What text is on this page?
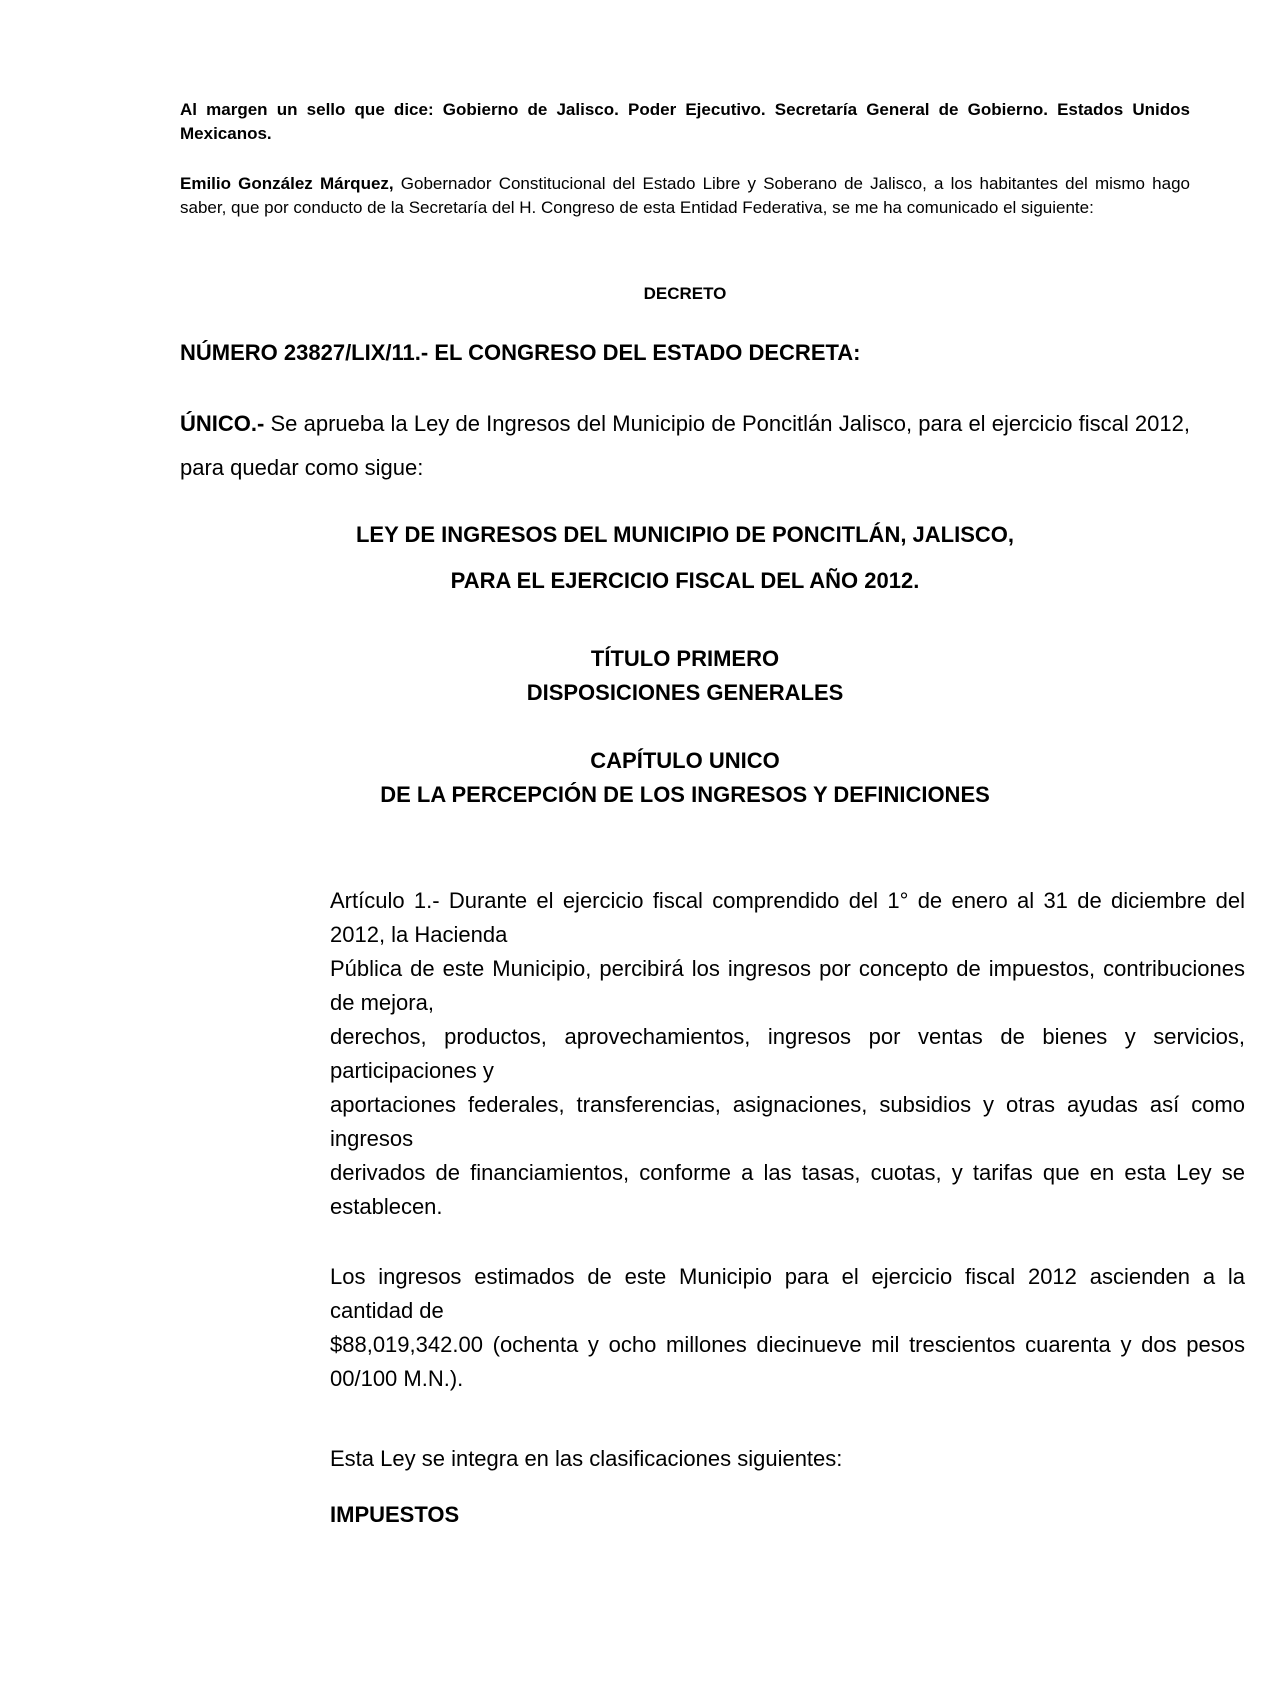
Al margen un sello que dice: Gobierno de Jalisco. Poder Ejecutivo. Secretaría General de Gobierno. Estados Unidos Mexicanos.

Emilio González Márquez, Gobernador Constitucional del Estado Libre y Soberano de Jalisco, a los habitantes del mismo hago saber, que por conducto de la Secretaría del H. Congreso de esta Entidad Federativa, se me ha comunicado el siguiente:

DECRETO
NÚMERO 23827/LIX/11.- EL CONGRESO DEL ESTADO DECRETA:

ÚNICO.- Se aprueba la Ley de Ingresos del Municipio de Poncitlán Jalisco, para el ejercicio fiscal 2012, para quedar como sigue:

LEY DE INGRESOS DEL MUNICIPIO DE PONCITLÁN, JALISCO,
PARA EL EJERCICIO FISCAL DEL AÑO 2012.
TÍTULO PRIMERO
DISPOSICIONES GENERALES
CAPÍTULO UNICO
DE LA PERCEPCIÓN DE LOS INGRESOS Y DEFINICIONES
Artículo 1.- Durante el ejercicio fiscal comprendido del 1° de enero al 31 de diciembre del 2012, la Hacienda
Pública de este Municipio, percibirá los ingresos por concepto de impuestos, contribuciones de mejora,
derechos, productos, aprovechamientos, ingresos por ventas de bienes y servicios, participaciones y
aportaciones federales, transferencias, asignaciones, subsidios y otras ayudas así como ingresos
derivados de financiamientos, conforme a las tasas, cuotas, y tarifas que en esta Ley se establecen.
Los ingresos estimados de este Municipio para el ejercicio fiscal 2012 ascienden a la cantidad de
$88,019,342.00 (ochenta y ocho millones diecinueve mil trescientos cuarenta y dos pesos 00/100 M.N.).
Esta Ley se integra en las clasificaciones siguientes:
IMPUESTOS
